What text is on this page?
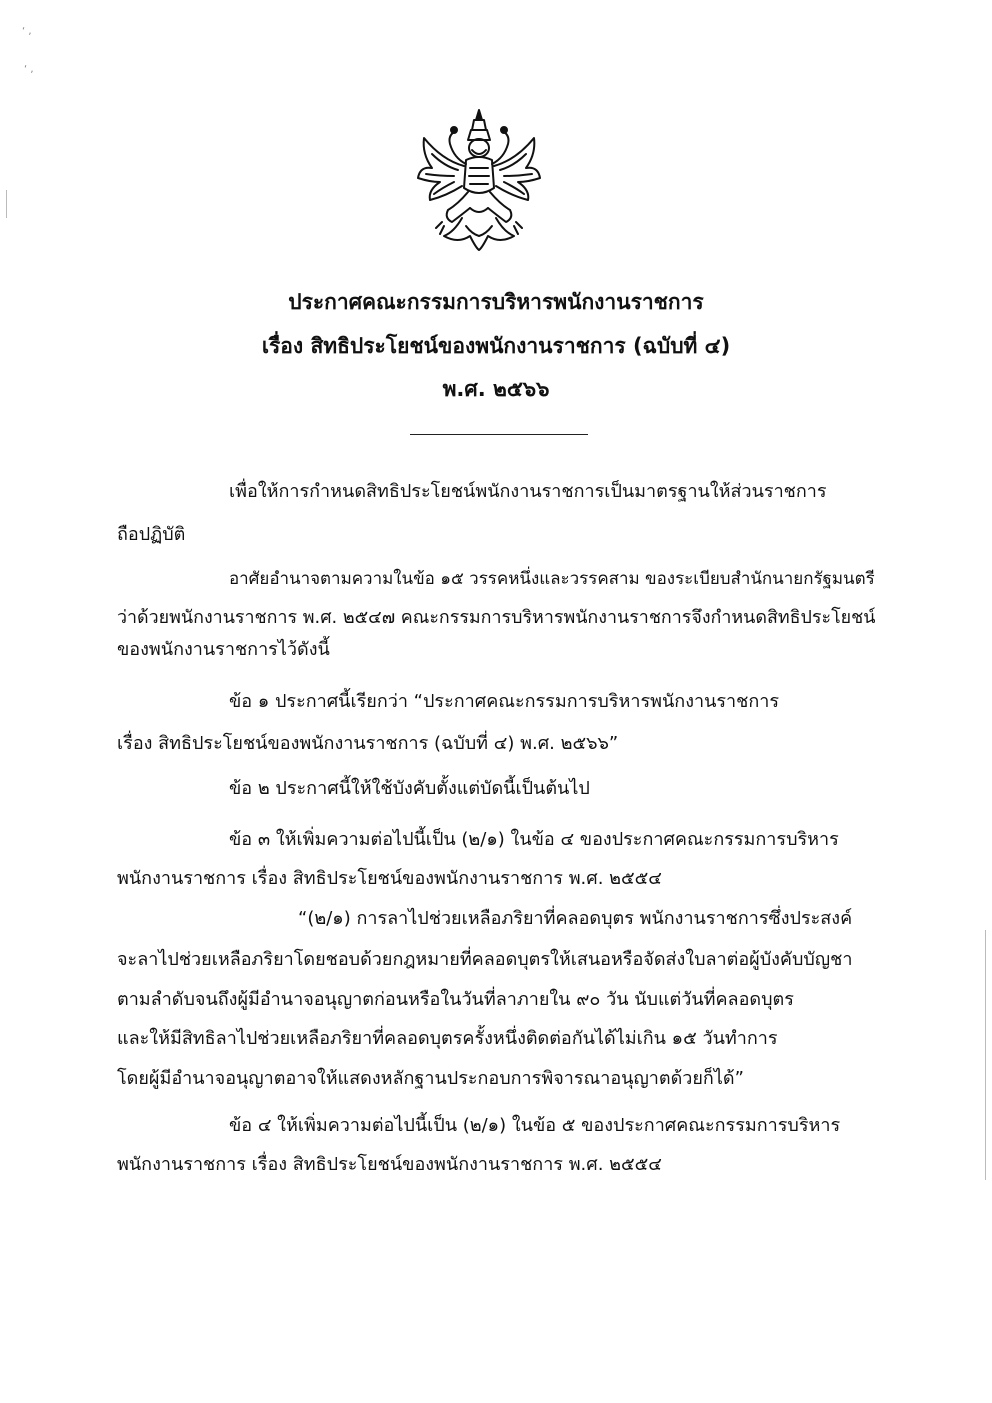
‘ ,
‘ ,
ประกาศคณะกรรมการบริหารพนักงานราชการ
เรื่อง สิทธิประโยชน์ของพนักงานราชการ (ฉบับที่ ๔)
พ.ศ. ๒๕๖๖
เพื่อให้การกำหนดสิทธิประโยชน์พนักงานราชการเป็นมาตรฐานให้ส่วนราชการ
ถือปฏิบัติ
อาศัยอำนาจตามความในข้อ ๑๕ วรรคหนึ่งและวรรคสาม ของระเบียบสำนักนายกรัฐมนตรี
ว่าด้วยพนักงานราชการ พ.ศ. ๒๕๔๗ คณะกรรมการบริหารพนักงานราชการจึงกำหนดสิทธิประโยชน์
ของพนักงานราชการไว้ดังนี้
ข้อ ๑ ประกาศนี้เรียกว่า “ประกาศคณะกรรมการบริหารพนักงานราชการ
เรื่อง สิทธิประโยชน์ของพนักงานราชการ (ฉบับที่ ๔) พ.ศ. ๒๕๖๖”
ข้อ ๒ ประกาศนี้ให้ใช้บังคับตั้งแต่บัดนี้เป็นต้นไป
ข้อ ๓ ให้เพิ่มความต่อไปนี้เป็น (๒/๑) ในข้อ ๔ ของประกาศคณะกรรมการบริหาร
พนักงานราชการ เรื่อง สิทธิประโยชน์ของพนักงานราชการ พ.ศ. ๒๕๕๔
“(๒/๑) การลาไปช่วยเหลือภริยาที่คลอดบุตร พนักงานราชการซึ่งประสงค์
จะลาไปช่วยเหลือภริยาโดยชอบด้วยกฎหมายที่คลอดบุตรให้เสนอหรือจัดส่งใบลาต่อผู้บังคับบัญชา
ตามลำดับจนถึงผู้มีอำนาจอนุญาตก่อนหรือในวันที่ลาภายใน ๙๐ วัน นับแต่วันที่คลอดบุตร
และให้มีสิทธิลาไปช่วยเหลือภริยาที่คลอดบุตรครั้งหนึ่งติดต่อกันได้ไม่เกิน ๑๕ วันทำการ
โดยผู้มีอำนาจอนุญาตอาจให้แสดงหลักฐานประกอบการพิจารณาอนุญาตด้วยก็ได้”
ข้อ ๔ ให้เพิ่มความต่อไปนี้เป็น (๒/๑) ในข้อ ๕ ของประกาศคณะกรรมการบริหาร
พนักงานราชการ เรื่อง สิทธิประโยชน์ของพนักงานราชการ พ.ศ. ๒๕๕๔
